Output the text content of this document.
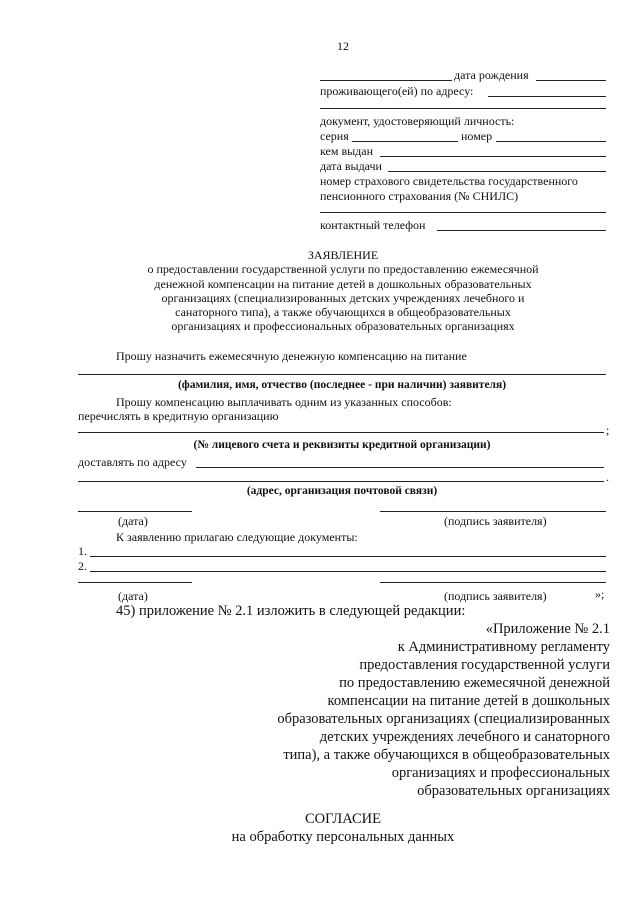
12
дата рождения
проживающего(ей) по адресу:
документ, удостоверяющий личность:
серия	номер
кем выдан
дата выдачи
номер страхового свидетельства государственного
пенсионного страхования (№ СНИЛС)
контактный телефон
ЗАЯВЛЕНИЕ
о предоставлении государственной услуги по предоставлению ежемесячной
денежной компенсации на питание детей в дошкольных образовательных
организациях (специализированных детских учреждениях лечебного и
санаторного типа), а также обучающихся в общеобразовательных
организациях и профессиональных образовательных организациях
Прошу назначить ежемесячную денежную компенсацию на питание
(фамилия, имя, отчество (последнее - при наличии) заявителя)
Прошу компенсацию выплачивать одним из указанных способов:
перечислять в кредитную организацию
;
(№ лицевого счета и реквизиты кредитной организации)
доставлять по адресу
.
(адрес, организация почтовой связи)
(дата)	(подпись заявителя)
К заявлению прилагаю следующие документы:
1.
2.
(дата)	(подпись заявителя)	»;
45) приложение № 2.1 изложить в следующей редакции:
«Приложение № 2.1
к Административному регламенту
предоставления государственной услуги
по предоставлению ежемесячной денежной
компенсации на питание детей в дошкольных
образовательных организациях (специализированных
детских учреждениях лечебного и санаторного
типа), а также обучающихся в общеобразовательных
организациях и профессиональных
образовательных организациях
СОГЛАСИЕ
на обработку персональных данных
